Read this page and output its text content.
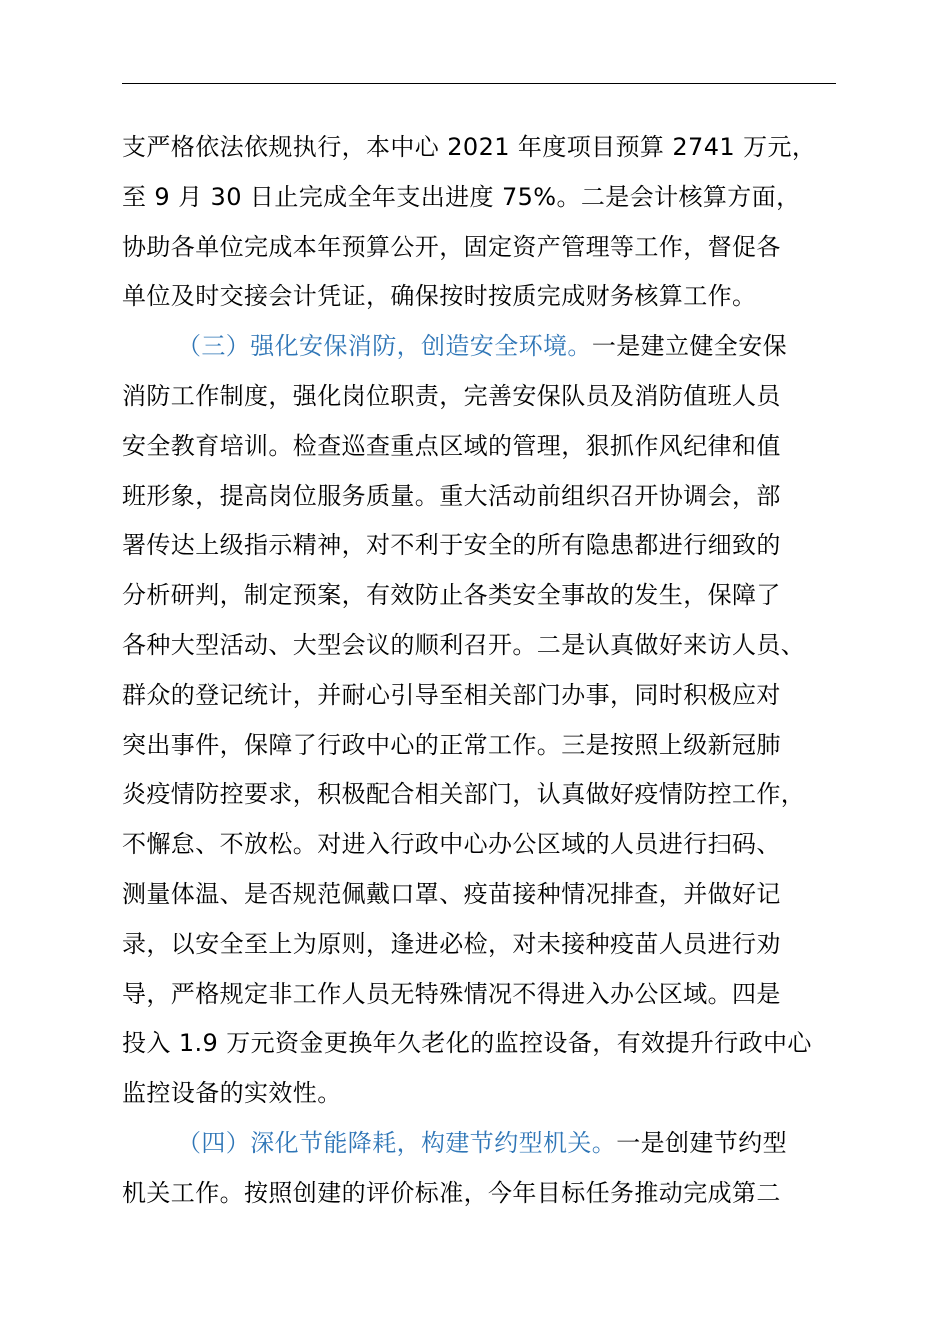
支严格依法依规执行，本中心 2021 年度项目预算 2741 万元，
至 9 月 30 日止完成全年支出进度 75%。二是会计核算方面，
协助各单位完成本年预算公开，固定资产管理等工作，督促各
单位及时交接会计凭证，确保按时按质完成财务核算工作。
（三）强化安保消防，创造安全环境。一是建立健全安保
消防工作制度，强化岗位职责，完善安保队员及消防值班人员
安全教育培训。检查巡查重点区域的管理，狠抓作风纪律和值
班形象，提高岗位服务质量。重大活动前组织召开协调会，部
署传达上级指示精神，对不利于安全的所有隐患都进行细致的
分析研判，制定预案，有效防止各类安全事故的发生，保障了
各种大型活动、大型会议的顺利召开。二是认真做好来访人员、
群众的登记统计，并耐心引导至相关部门办事，同时积极应对
突出事件，保障了行政中心的正常工作。三是按照上级新冠肺
炎疫情防控要求，积极配合相关部门，认真做好疫情防控工作，
不懈怠、不放松。对进入行政中心办公区域的人员进行扫码、
测量体温、是否规范佩戴口罩、疫苗接种情况排查，并做好记
录，以安全至上为原则，逢进必检，对未接种疫苗人员进行劝
导，严格规定非工作人员无特殊情况不得进入办公区域。四是
投入 1.9 万元资金更换年久老化的监控设备，有效提升行政中心
监控设备的实效性。
（四）深化节能降耗，构建节约型机关。一是创建节约型
机关工作。按照创建的评价标准，今年目标任务推动完成第二
